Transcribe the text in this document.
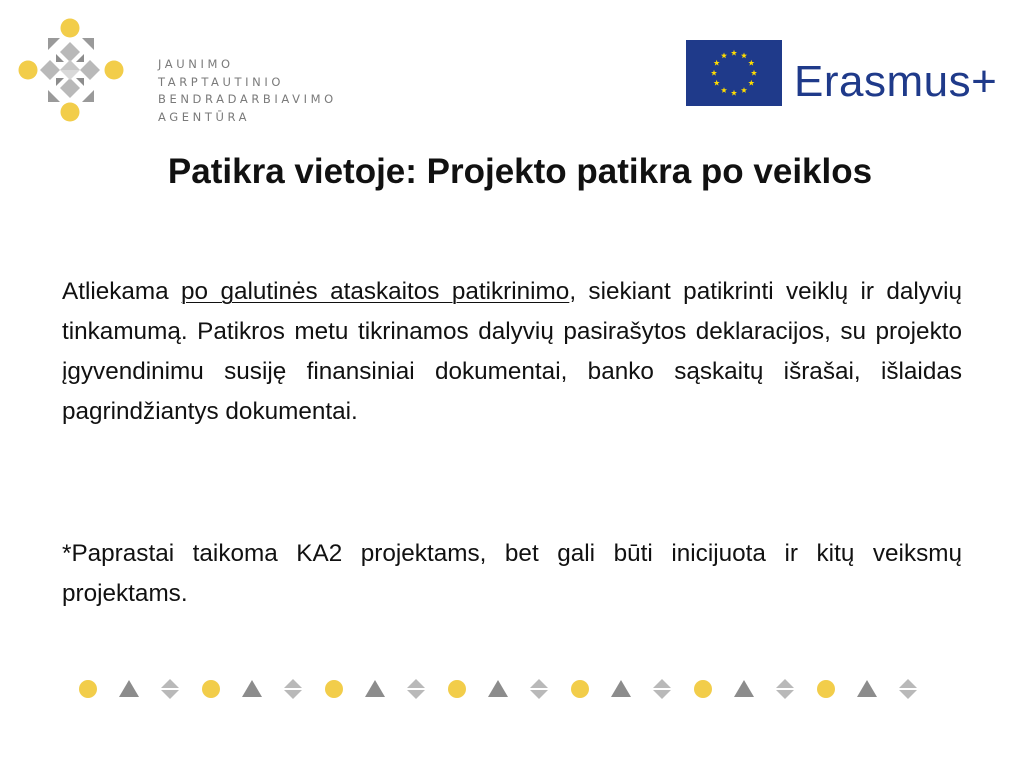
JAUNIMO
TARPTAUTINIO
BENDRADARBIAVIMO
AGENTŪRA
Erasmus+
Patikra vietoje: Projekto patikra po veiklos

Atliekama po galutinės ataskaitos patikrinimo, siekiant patikrinti veiklų ir dalyvių tinkamumą. Patikros metu tikrinamos dalyvių pasirašytos deklaracijos, su projekto įgyvendinimu susiję finansiniai dokumentai, banko sąskaitų išrašai, išlaidas pagrindžiantys dokumentai.

*Paprastai taikoma KA2 projektams, bet gali būti inicijuota ir kitų veiksmų projektams.
